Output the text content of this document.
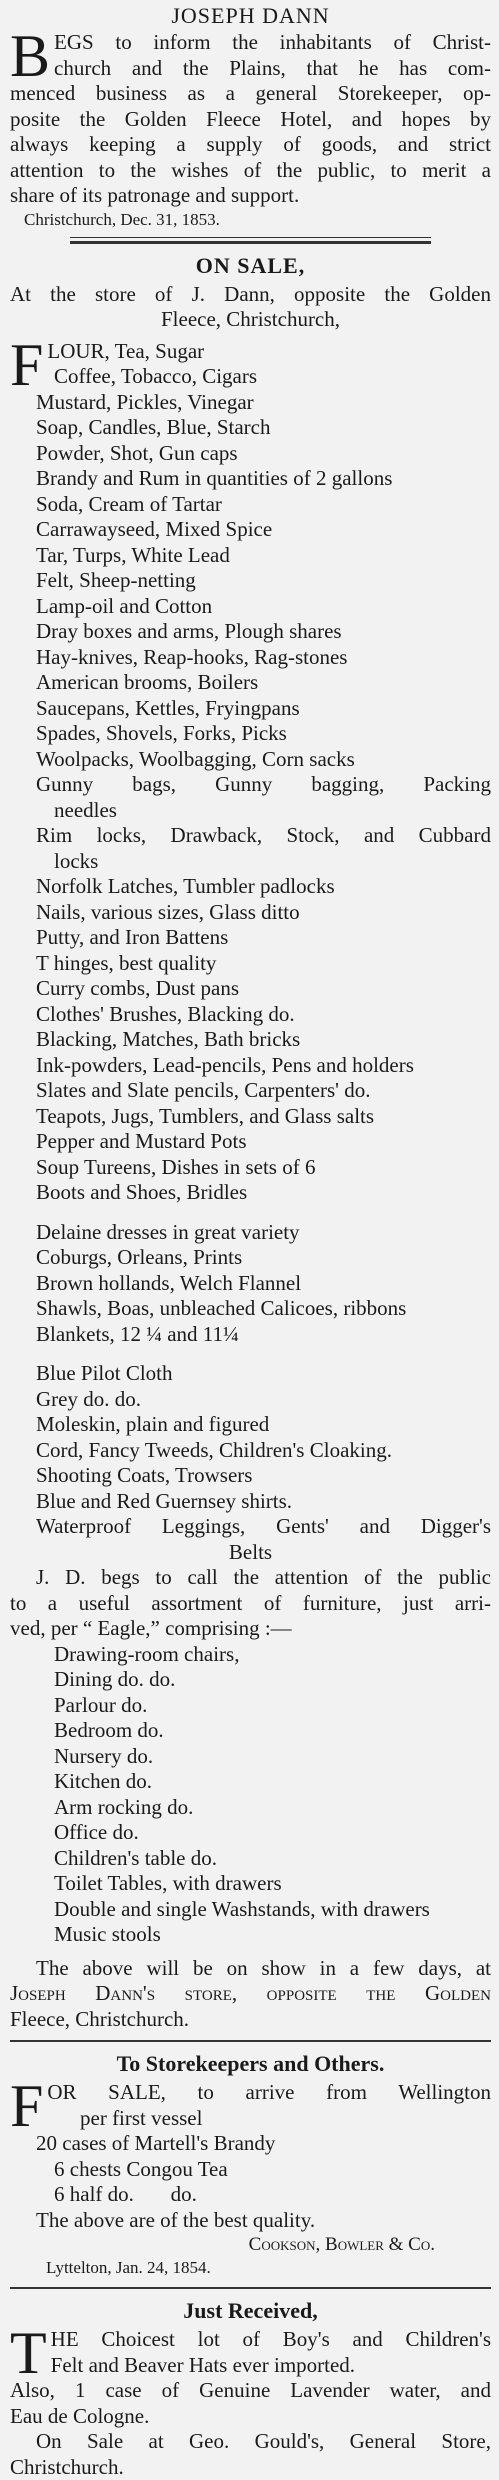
JOSEPH DANN
B EGS to inform the inhabitants of Christ-
church and the Plains, that he has com-
menced business as a general Storekeeper, op-
posite the Golden Fleece Hotel, and hopes by
always keeping a supply of goods, and strict
attention to the wishes of the public, to merit a
share of its patronage and support.
Christchurch, Dec. 31, 1853.
ON SALE,
At the store of J. Dann, opposite the Golden
Fleece, Christchurch,
F LOUR, Tea, Sugar
Coffee, Tobacco, Cigars
Mustard, Pickles, Vinegar
Soap, Candles, Blue, Starch
Powder, Shot, Gun caps
Brandy and Rum in quantities of 2 gallons
Soda, Cream of Tartar
Carrawayseed, Mixed Spice
Tar, Turps, White Lead
Felt, Sheep-netting
Lamp-oil and Cotton
Dray boxes and arms, Plough shares
Hay-knives, Reap-hooks, Rag-stones
American brooms, Boilers
Saucepans, Kettles, Fryingpans
Spades, Shovels, Forks, Picks
Woolpacks, Woolbagging, Corn sacks
Gunny bags, Gunny bagging, Packing
needles
Rim locks, Drawback, Stock, and Cubbard
locks
Norfolk Latches, Tumbler padlocks
Nails, various sizes, Glass ditto
Putty, and Iron Battens
T hinges, best quality
Curry combs, Dust pans
Clothes' Brushes, Blacking do.
Blacking, Matches, Bath bricks
Ink-powders, Lead-pencils, Pens and holders
Slates and Slate pencils, Carpenters' do.
Teapots, Jugs, Tumblers, and Glass salts
Pepper and Mustard Pots
Soup Tureens, Dishes in sets of 6
Boots and Shoes, Bridles
Delaine dresses in great variety
Coburgs, Orleans, Prints
Brown hollands, Welch Flannel
Shawls, Boas, unbleached Calicoes, ribbons
Blankets, 12 ¼ and 11¼
Blue Pilot Cloth
Grey do. do.
Moleskin, plain and figured
Cord, Fancy Tweeds, Children's Cloaking.
Shooting Coats, Trowsers
Blue and Red Guernsey shirts.
Waterproof Leggings, Gents' and Digger's
Belts
J. D. begs to call the attention of the public
to a useful assortment of furniture, just arri-
ved, per “ Eagle,” comprising :—
Drawing-room chairs,
Dining do. do.
Parlour do.
Bedroom do.
Nursery do.
Kitchen do.
Arm rocking do.
Office do.
Children's table do.
Toilet Tables, with drawers
Double and single Washstands, with drawers
Music stools
The above will be on show in a few days, at
Joseph Dann's store, opposite the Golden
Fleece, Christchurch.
To Storekeepers and Others.
F OR SALE, to arrive from Wellington
per first vessel
20 cases of Martell's Brandy
6 chests Congou Tea
6 half do.       do.
The above are of the best quality.
Cookson, Bowler & Co.
Lyttelton, Jan. 24, 1854.
Just Received,
T HE Choicest lot of Boy's and Children's
Felt and Beaver Hats ever imported.
Also, 1 case of Genuine Lavender water, and
Eau de Cologne.
On Sale at Geo. Gould's, General Store,
Christchurch.
